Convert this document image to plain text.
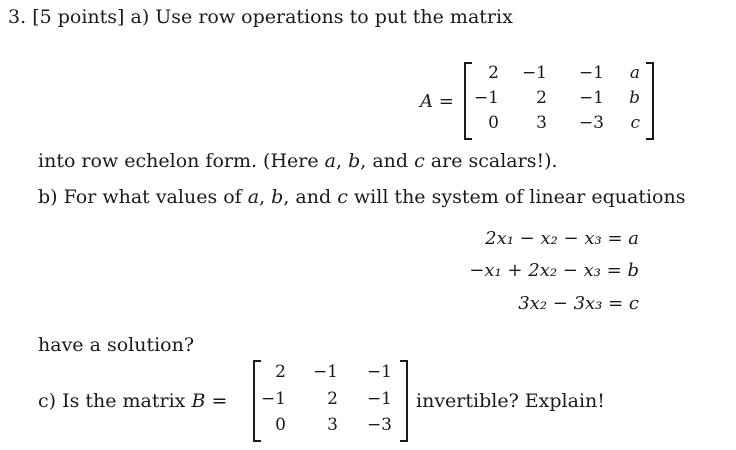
3. [5 points] a) Use row operations to put the matrix
A =
2	−1	−1	a
−1	2	−1	b
0	3	−3	c
into row echelon form. (Here a, b, and c are scalars!).
b) For what values of a, b, and c will the system of linear equations
2x₁ − x₂ − x₃ = a
−x₁ + 2x₂ − x₃ = b
3x₂ − 3x₃ = c
have a solution?
c) Is the matrix B =
2	−1	−1
−1	2	−1
0	3	−3
invertible? Explain!
